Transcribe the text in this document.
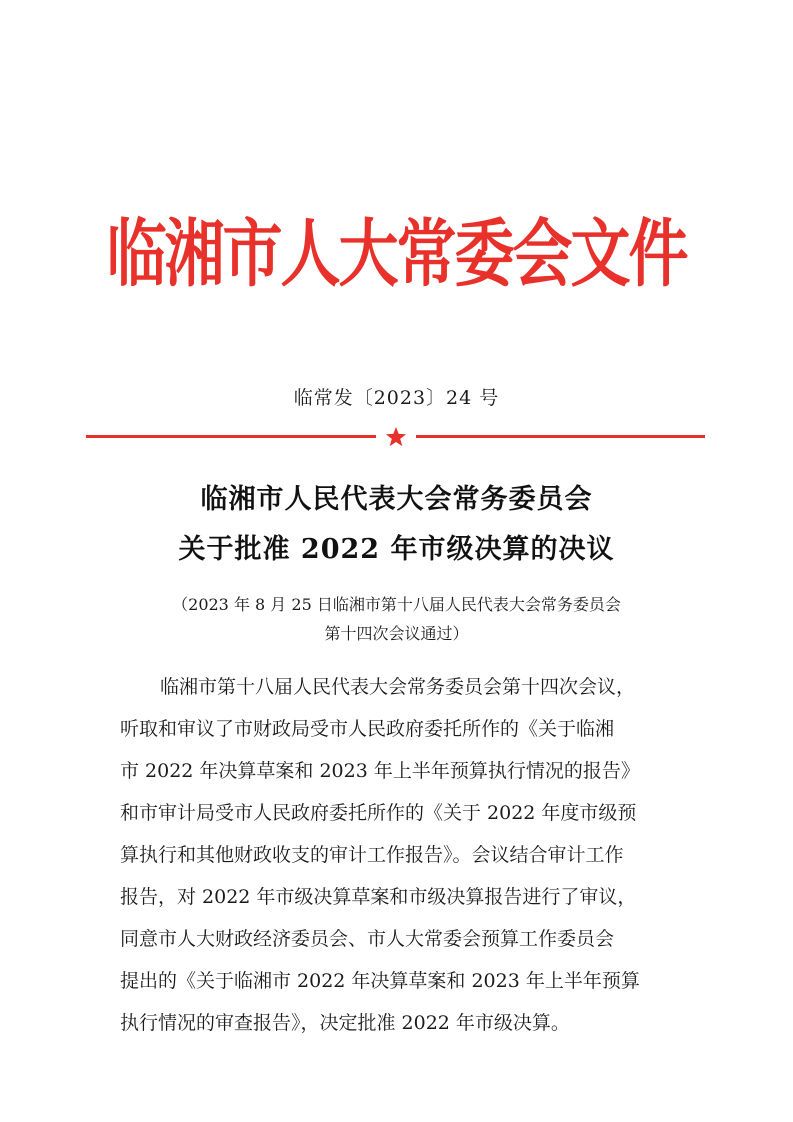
临湘市人大常委会文件
临常发〔2023〕24 号
临湘市人民代表大会常务委员会
关于批准 2022 年市级决算的决议
（2023 年 8 月 25 日临湘市第十八届人民代表大会常务委员会
第十四次会议通过）
临湘市第十八届人民代表大会常务委员会第十四次会议，
听取和审议了市财政局受市人民政府委托所作的《关于临湘
市 2022 年决算草案和 2023 年上半年预算执行情况的报告》
和市审计局受市人民政府委托所作的《关于 2022 年度市级预
算执行和其他财政收支的审计工作报告》。会议结合审计工作
报告，对 2022 年市级决算草案和市级决算报告进行了审议，
同意市人大财政经济委员会、市人大常委会预算工作委员会
提出的《关于临湘市 2022 年决算草案和 2023 年上半年预算
执行情况的审查报告》，决定批准 2022 年市级决算。
